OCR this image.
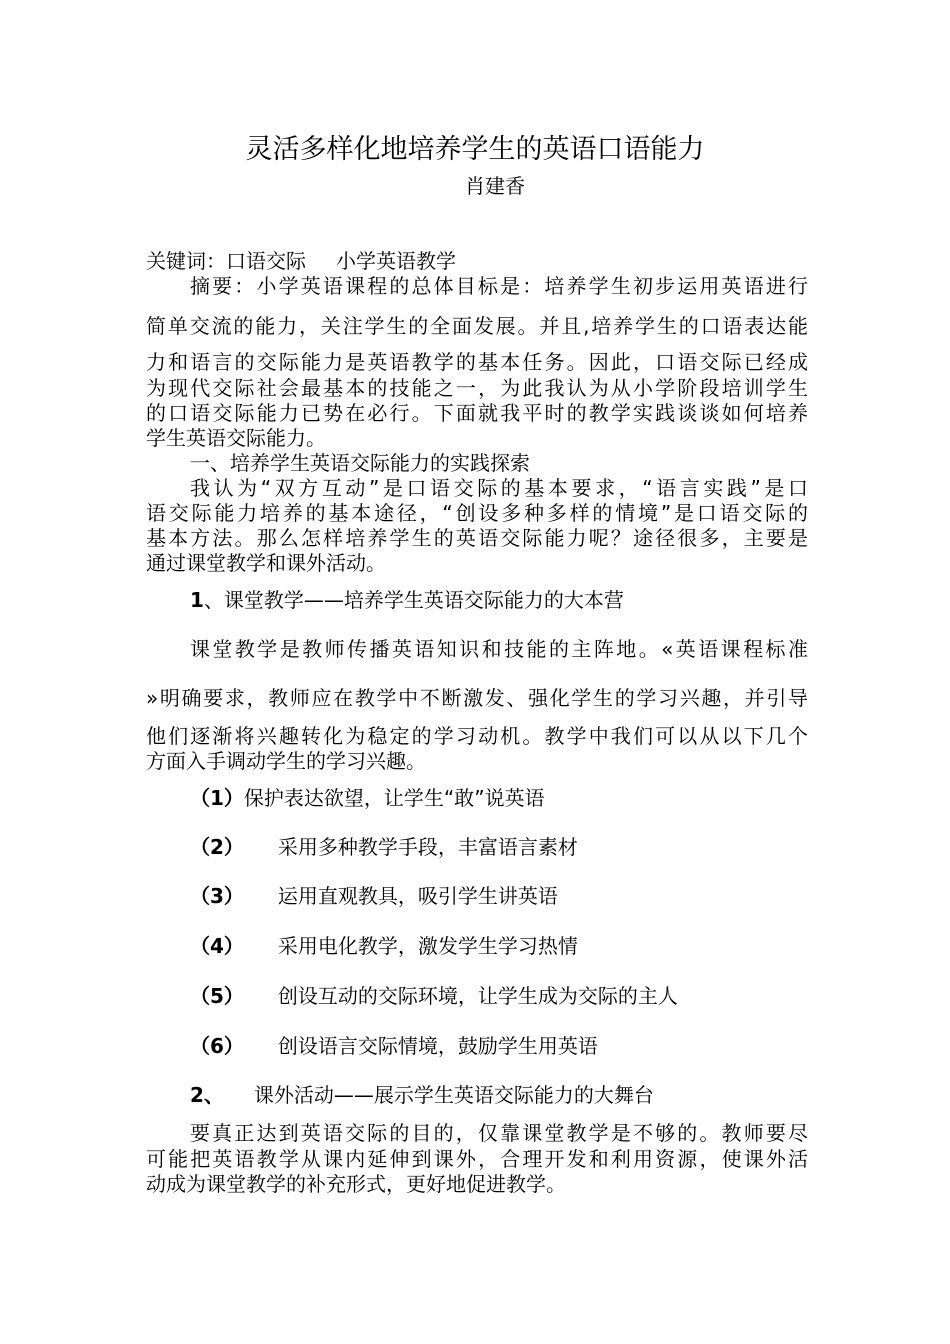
灵活多样化地培养学生的英语口语能力
肖建香
关键词：口语交际 小学英语教学
摘要：小学英语课程的总体目标是：培养学生初步运用英语进行
简单交流的能力，关注学生的全面发展。并且,培养学生的口语表达能
力和语言的交际能力是英语教学的基本任务。因此，口语交际已经成
为现代交际社会最基本的技能之一，为此我认为从小学阶段培训学生
的口语交际能力已势在必行。下面就我平时的教学实践谈谈如何培养
学生英语交际能力。
一、培养学生英语交际能力的实践探索
我认为“双方互动”是口语交际的基本要求，“语言实践”是口
语交际能力培养的基本途径，“创设多种多样的情境”是口语交际的
基本方法。那么怎样培养学生的英语交际能力呢？途径很多，主要是
通过课堂教学和课外活动。
1、课堂教学——培养学生英语交际能力的大本营
课堂教学是教师传播英语知识和技能的主阵地。«英语课程标准
»明确要求，教师应在教学中不断激发、强化学生的学习兴趣，并引导
他们逐渐将兴趣转化为稳定的学习动机。教学中我们可以从以下几个
方面入手调动学生的学习兴趣。
（1）保护表达欲望，让学生“敢”说英语
（2） 采用多种教学手段，丰富语言素材
（3） 运用直观教具，吸引学生讲英语
（4） 采用电化教学，激发学生学习热情
（5） 创设互动的交际环境，让学生成为交际的主人
（6） 创设语言交际情境，鼓励学生用英语
2、 课外活动——展示学生英语交际能力的大舞台
要真正达到英语交际的目的，仅靠课堂教学是不够的。教师要尽
可能把英语教学从课内延伸到课外，合理开发和利用资源，使课外活
动成为课堂教学的补充形式，更好地促进教学。
